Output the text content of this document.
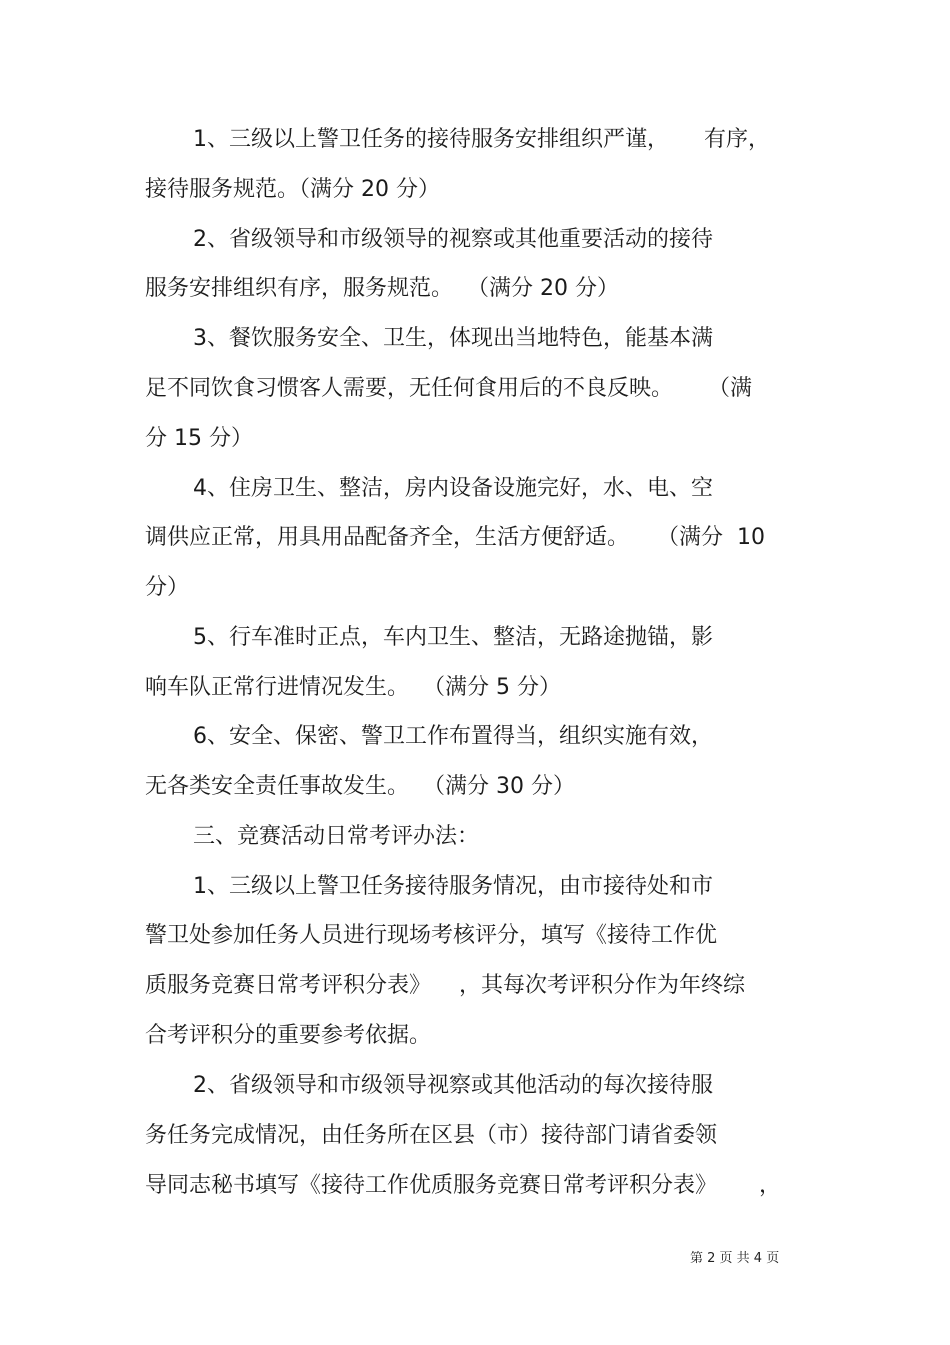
1、三级以上警卫任务的接待服务安排组织严谨，     有序，
接待服务规范。（满分 20 分）
2、省级领导和市级领导的视察或其他重要活动的接待
服务安排组织有序，服务规范。  （满分 20 分）
3、餐饮服务安全、卫生，体现出当地特色，能基本满
足不同饮食习惯客人需要，无任何食用后的不良反映。     （满
分 15 分）
4、住房卫生、整洁，房内设备设施完好，水、电、空
调供应正常，用具用品配备齐全，生活方便舒适。    （满分  10
分）
5、行车准时正点，车内卫生、整洁，无路途抛锚，影
响车队正常行进情况发生。  （满分 5 分）
6、安全、保密、警卫工作布置得当，组织实施有效，
无各类安全责任事故发生。  （满分 30 分）
三、竞赛活动日常考评办法：
1、三级以上警卫任务接待服务情况，由市接待处和市
警卫处参加任务人员进行现场考核评分，填写《接待工作优
质服务竞赛日常考评积分表》    ，其每次考评积分作为年终综
合考评积分的重要参考依据。
2、省级领导和市级领导视察或其他活动的每次接待服
务任务完成情况，由任务所在区县（市）接待部门请省委领
导同志秘书填写《接待工作优质服务竞赛日常考评积分表》      ，
第 2 页 共 4 页
